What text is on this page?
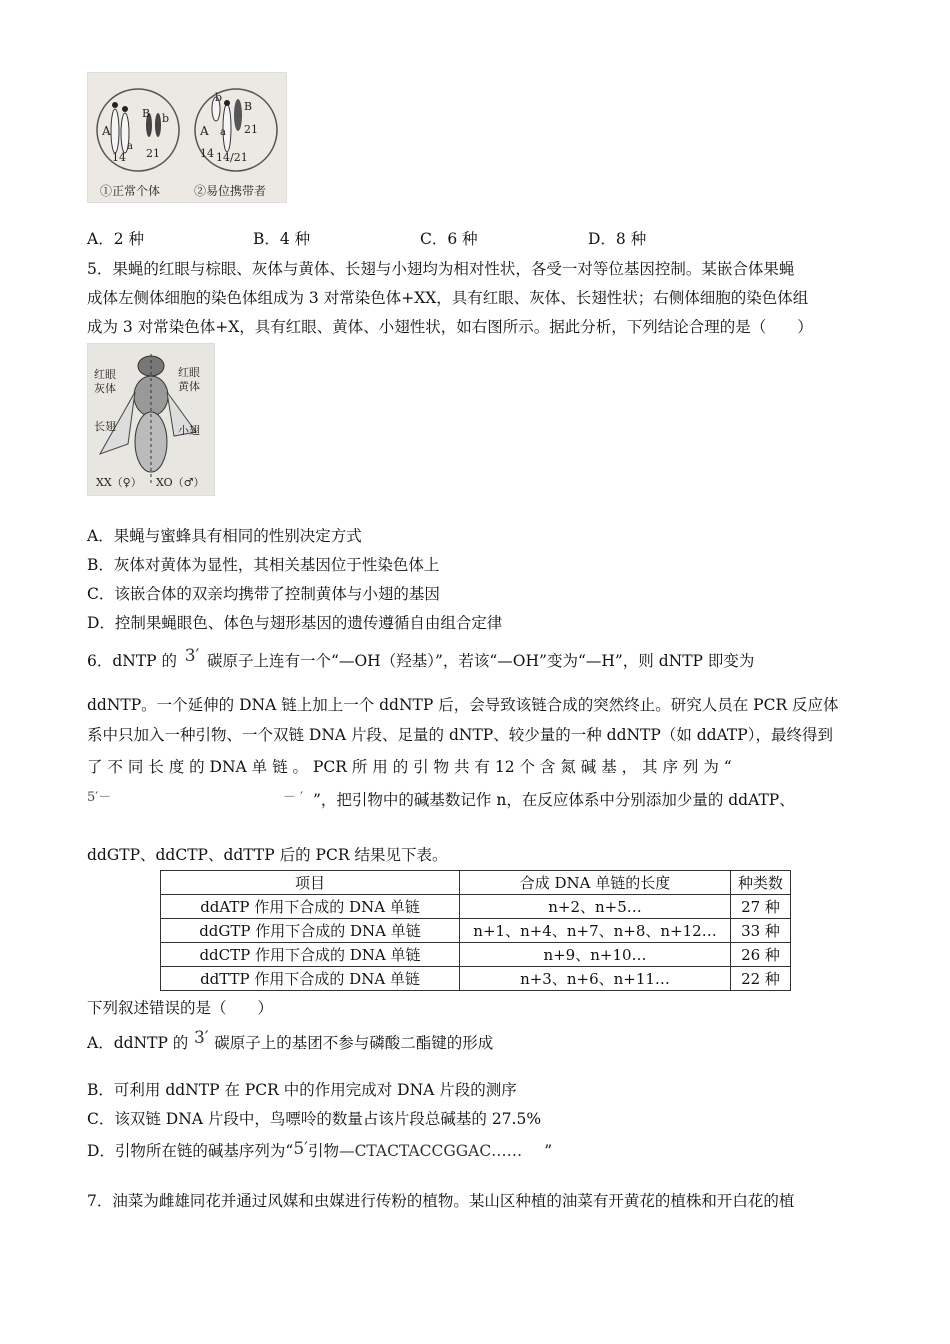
A
a
B b
14 21
b
A a
B
14 14/21
21
①正常个体	②易位携带者
A．2 种	B．4 种	C．6 种	D．8 种
5．果蝇的红眼与棕眼、灰体与黄体、长翅与小翅均为相对性状，各受一对等位基因控制。某嵌合体果蝇
成体左侧体细胞的染色体组成为 3 对常染色体+XX，具有红眼、灰体、长翅性状；右侧体细胞的染色体组
成为 3 对常染色体+X，具有红眼、黄体、小翅性状，如右图所示。据此分析，下列结论合理的是（　　）
红眼
灰体
长翅
红眼
黄体
小翅
XX（♀） XO（♂）
A．果蝇与蜜蜂具有相同的性别决定方式
B．灰体对黄体为显性，其相关基因位于性染色体上
C．该嵌合体的双亲均携带了控制黄体与小翅的基因
D．控制果蝇眼色、体色与翅形基因的遗传遵循自由组合定律
6．dNTP 的 3′ 碳原子上连有一个“—OH（羟基）”，若该“—OH”变为“—H”，则 dNTP 即变为
ddNTP。一个延伸的 DNA 链上加上一个 ddNTP 后，会导致该链合成的突然终止。研究人员在 PCR 反应体
系中只加入一种引物、一个双链 DNA 片段、足量的 dNTP、较少量的一种 ddNTP（如 ddATP），最终得到
了 不 同 长 度 的 DNA 单 链 。 PCR 所 用 的 引 物 共 有 12 个 含 氮 碱 基 ， 其 序 列 为 “
5′－	－ ′ ”，把引物中的碱基数记作 n，在反应体系中分别添加少量的 ddATP、
ddGTP、ddCTP、ddTTP 后的 PCR 结果见下表。
项目	合成 DNA 单链的长度	种类数
ddATP 作用下合成的 DNA 单链	n+2、n+5…	27 种
ddGTP 作用下合成的 DNA 单链	n+1、n+4、n+7、n+8、n+12…	33 种
ddCTP 作用下合成的 DNA 单链	n+9、n+10…	26 种
ddTTP 作用下合成的 DNA 单链	n+3、n+6、n+11…	22 种
下列叙述错误的是（　　）
A．ddNTP 的 3′ 碳原子上的基团不参与磷酸二酯键的形成
B．可利用 ddNTP 在 PCR 中的作用完成对 DNA 片段的测序
C．该双链 DNA 片段中，鸟嘌呤的数量占该片段总碱基的 27.5%
D．引物所在链的碱基序列为“5′引物—CTACTACCGGAC…… ”
7．油菜为雌雄同花并通过风媒和虫媒进行传粉的植物。某山区种植的油菜有开黄花的植株和开白花的植
